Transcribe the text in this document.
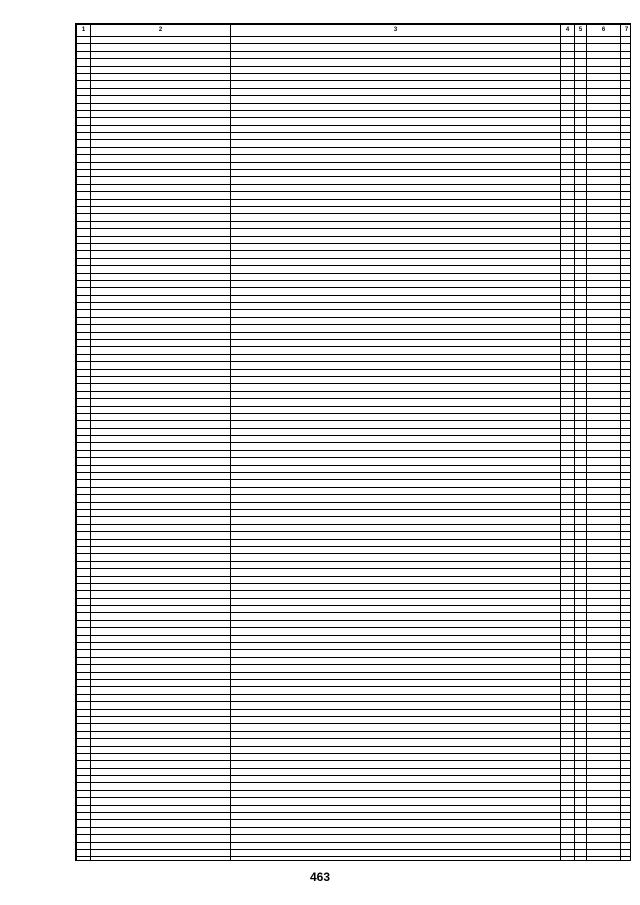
1	2	3	4	5	6	7

463
